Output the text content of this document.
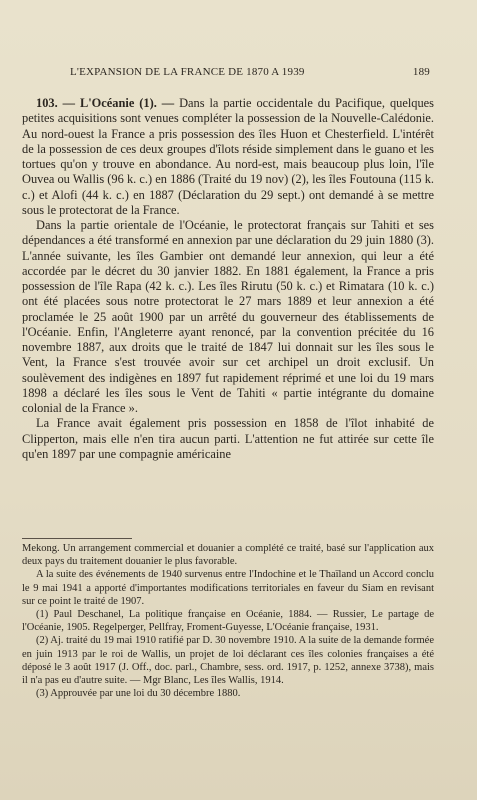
L'EXPANSION DE LA FRANCE DE 1870 A 1939	189

103. — L'Océanie (1). — Dans la partie occidentale du Pacifique, quelques petites acquisitions sont venues compléter la possession de la Nouvelle-Calédonie. Au nord-ouest la France a pris possession des îles Huon et Chesterfield. L'intérêt de la possession de ces deux groupes d'îlots réside simplement dans le guano et les tortues qu'on y trouve en abondance. Au nord-est, mais beaucoup plus loin, l'île Ouvea ou Wallis (96 k. c.) en 1886 (Traité du 19 nov) (2), les îles Foutouna (115 k. c.) et Alofi (44 k. c.) en 1887 (Déclaration du 29 sept.) ont demandé à se mettre sous le protectorat de la France.

Dans la partie orientale de l'Océanie, le protectorat français sur Tahiti et ses dépendances a été transformé en annexion par une déclaration du 29 juin 1880 (3). L'année suivante, les îles Gambier ont demandé leur annexion, qui leur a été accordée par le décret du 30 janvier 1882. En 1881 également, la France a pris possession de l'île Rapa (42 k. c.). Les îles Rirutu (50 k. c.) et Rimatara (10 k. c.) ont été placées sous notre protectorat le 27 mars 1889 et leur annexion a été proclamée le 25 août 1900 par un arrêté du gouverneur des établissements de l'Océanie. Enfin, l'Angleterre ayant renoncé, par la convention précitée du 16 novembre 1887, aux droits que le traité de 1847 lui donnait sur les îles sous le Vent, la France s'est trouvée avoir sur cet archipel un droit exclusif. Un soulèvement des indigènes en 1897 fut rapidement réprimé et une loi du 19 mars 1898 a déclaré les îles sous le Vent de Tahiti « partie intégrante du domaine colonial de la France ».

La France avait également pris possession en 1858 de l'îlot inhabité de Clipperton, mais elle n'en tira aucun parti. L'attention ne fut attirée sur cette île qu'en 1897 par une compagnie américaine

Mekong. Un arrangement commercial et douanier a complété ce traité, basé sur l'application aux deux pays du traitement douanier le plus favorable.

A la suite des événements de 1940 survenus entre l'Indochine et le Thaïland un Accord conclu le 9 mai 1941 a apporté d'importantes modifications territoriales en faveur du Siam en revisant sur ce point le traité de 1907.

(1) Paul Deschanel, La politique française en Océanie, 1884. — Russier, Le partage de l'Océanie, 1905. Regelperger, Pellfray, Froment-Guyesse, L'Océanie française, 1931.

(2) Aj. traité du 19 mai 1910 ratifié par D. 30 novembre 1910. A la suite de la demande formée en juin 1913 par le roi de Wallis, un projet de loi déclarant ces îles colonies françaises a été déposé le 3 août 1917 (J. Off., doc. parl., Chambre, sess. ord. 1917, p. 1252, annexe 3738), mais il n'a pas eu d'autre suite. — Mgr Blanc, Les îles Wallis, 1914.

(3) Approuvée par une loi du 30 décembre 1880.
